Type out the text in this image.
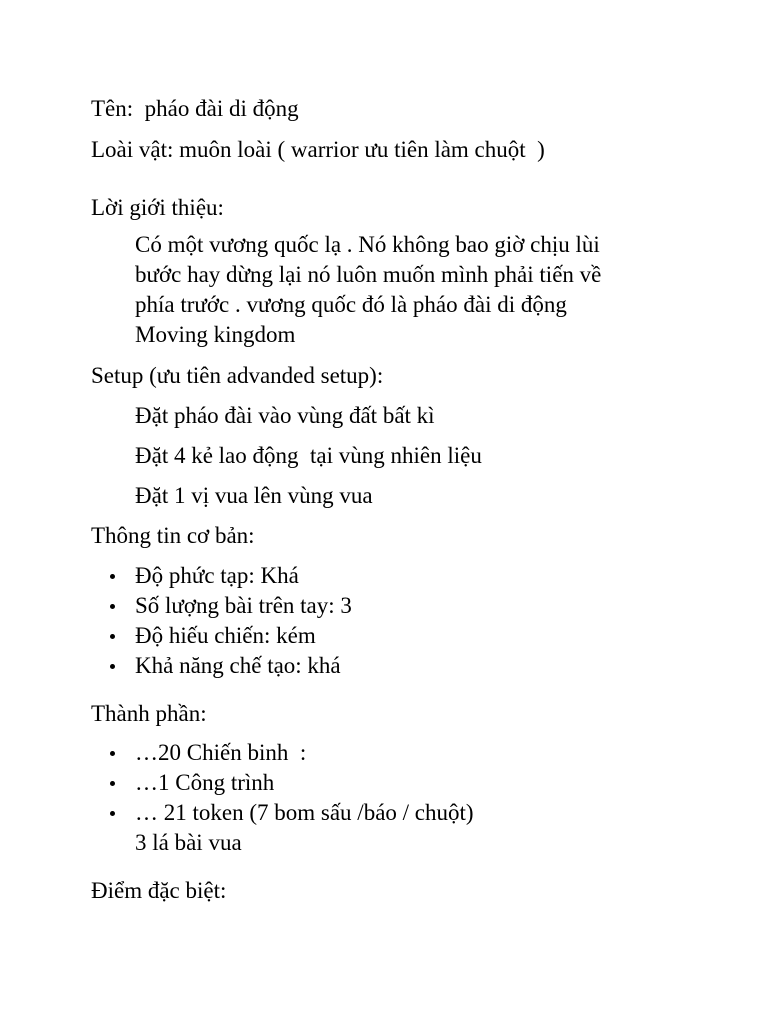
Tên:  pháo đài di động

Loài vật: muôn loài ( warrior ưu tiên làm chuột  )

Lời giới thiệu:

Có một vương quốc lạ . Nó không bao giờ chịu lùi

bước hay dừng lại nó luôn muốn mình phải tiến về

phía trước . vương quốc đó là pháo đài di động

Moving kingdom

Setup (ưu tiên advanded setup):

Đặt pháo đài vào vùng đất bất kì

Đặt 4 kẻ lao động  tại vùng nhiên liệu

Đặt 1 vị vua lên vùng vua

Thông tin cơ bản:

Độ phức tạp: Khá
Số lượng bài trên tay: 3
Độ hiếu chiến: kém
Khả năng chế tạo: khá

Thành phần:

…20 Chiến binh  :
…1 Công trình
… 21 token (7 bom sấu /báo / chuột)
3 lá bài vua

Điểm đặc biệt:
